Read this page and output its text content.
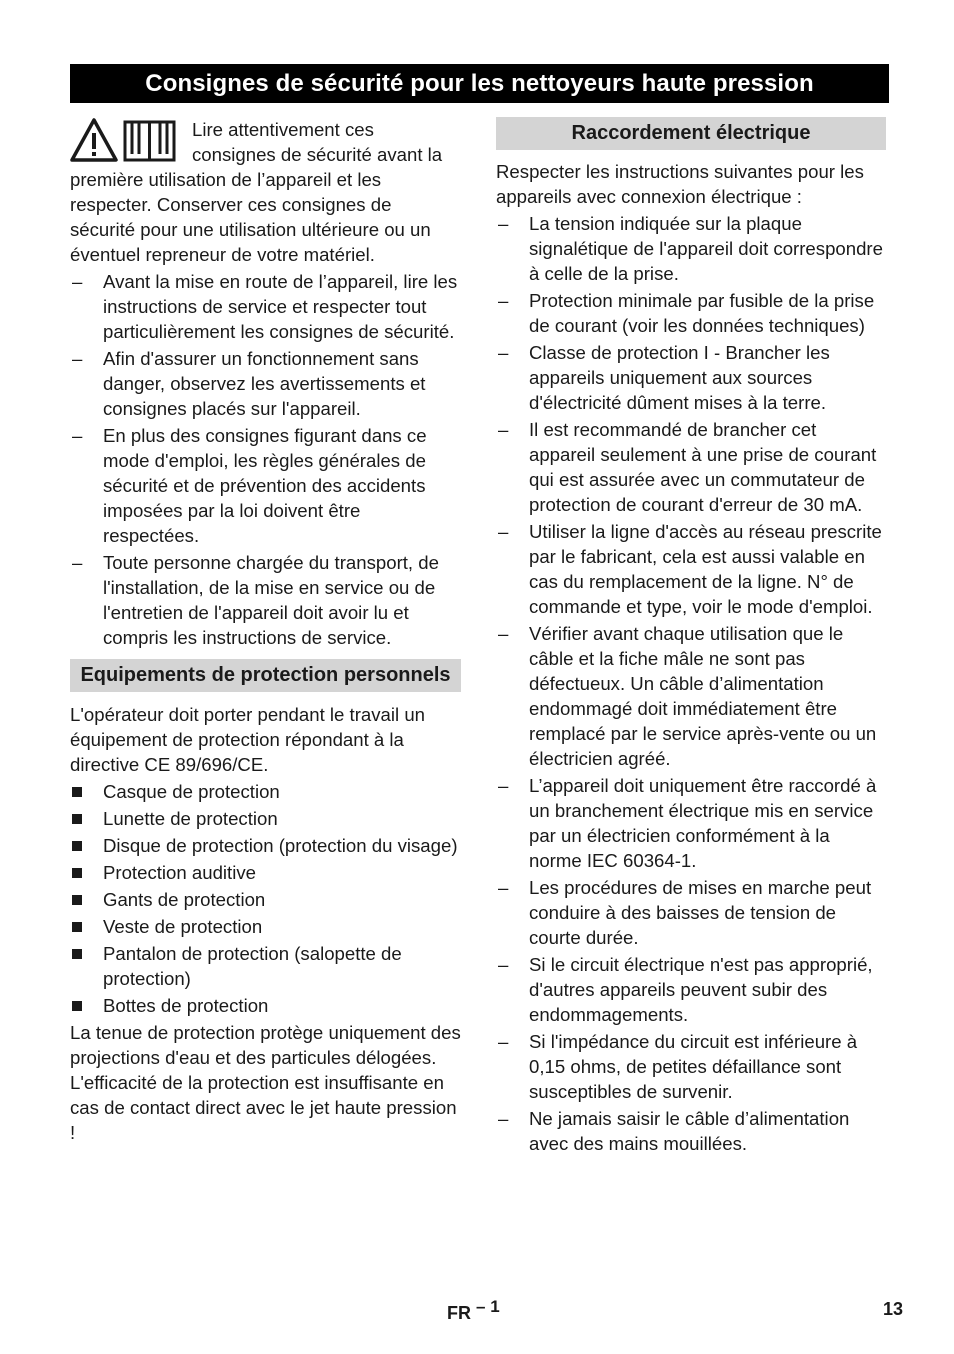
Consignes de sécurité pour les nettoyeurs haute pression

Lire attentivement ces consignes de sécurité avant la première utilisation de l’appareil et les respecter. Conserver ces consignes de sécurité pour une utilisation ultérieure ou un éventuel repreneur de votre matériel.

– Avant la mise en route de l’appareil, lire les instructions de service et respecter tout particulièrement les consignes de sécurité.
– Afin d'assurer un fonctionnement sans danger, observez les avertissements et consignes placés sur l'appareil.
– En plus des consignes figurant dans ce mode d'emploi, les règles générales de sécurité et de prévention des accidents imposées par la loi doivent être respectées.
– Toute personne chargée du transport, de l'installation, de la mise en service ou de l'entretien de l'appareil doit avoir lu et compris les instructions de service.
Equipements de protection personnels

L'opérateur doit porter pendant le travail un équipement de protection répondant à la directive CE 89/696/CE.

Casque de protection
Lunette de protection
Disque de protection (protection du visage)
Protection auditive
Gants de protection
Veste de protection
Pantalon de protection (salopette de protection)
Bottes de protection

La tenue de protection protège uniquement des projections d'eau et des particules délogées. L'efficacité de la protection est insuffisante en cas de contact direct avec le jet haute pression !

Raccordement électrique

Respecter les instructions suivantes pour les appareils avec connexion électrique :

– La tension indiquée sur la plaque signalétique de l'appareil doit correspondre à celle de la prise.
– Protection minimale par fusible de la prise de courant (voir les données techniques)
– Classe de protection I - Brancher les appareils uniquement aux sources d'électricité dûment mises à la terre.
– Il est recommandé de brancher cet appareil seulement à une prise de courant qui est assurée avec un commutateur de protection de courant d'erreur de 30 mA.
– Utiliser la ligne d'accès au réseau prescrite par le fabricant, cela est aussi valable en cas du remplacement de la ligne. N° de commande et type, voir le mode d'emploi.
– Vérifier avant chaque utilisation que le câble et la fiche mâle ne sont pas défectueux. Un câble d’alimentation endommagé doit immédiatement être remplacé par le service après-vente ou un électricien agréé.
– L’appareil doit uniquement être raccordé à un branchement électrique mis en service par un électricien conformément à la norme IEC 60364-1.
– Les procédures de mises en marche peut conduire à des baisses de tension de courte durée.
– Si le circuit électrique n'est pas approprié, d'autres appareils peuvent subir des endommagements.
– Si l'impédance du circuit est inférieure à 0,15 ohms, de petites défaillance sont susceptibles de survenir.
– Ne jamais saisir le câble d’alimentation avec des mains mouillées.
FR $^{- 1}$	13
